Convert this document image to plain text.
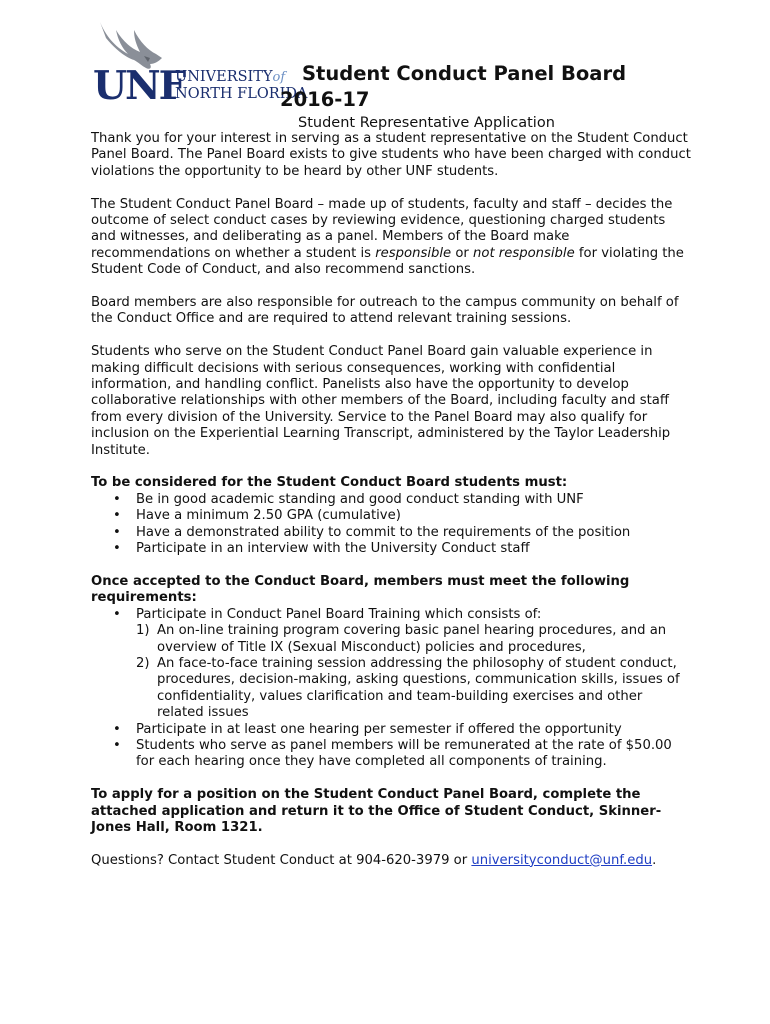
UNF
UNIVERSITYof
NORTH FLORIDA
Student Conduct Panel Board
2016-17
Student Representative Application

Thank you for your interest in serving as a student representative on the Student Conduct Panel Board. The Panel Board exists to give students who have been charged with conduct violations the opportunity to be heard by other UNF students.

The Student Conduct Panel Board – made up of students, faculty and staff – decides the outcome of select conduct cases by reviewing evidence, questioning charged students and witnesses, and deliberating as a panel. Members of the Board make recommendations on whether a student is responsible or not responsible for violating the Student Code of Conduct, and also recommend sanctions.

Board members are also responsible for outreach to the campus community on behalf of the Conduct Office and are required to attend relevant training sessions.

Students who serve on the Student Conduct Panel Board gain valuable experience in making difficult decisions with serious consequences, working with confidential information, and handling conflict. Panelists also have the opportunity to develop collaborative relationships with other members of the Board, including faculty and staff from every division of the University. Service to the Panel Board may also qualify for inclusion on the Experiential Learning Transcript, administered by the Taylor Leadership Institute.

To be considered for the Student Conduct Board students must:
• Be in good academic standing and good conduct standing with UNF
• Have a minimum 2.50 GPA (cumulative)
• Have a demonstrated ability to commit to the requirements of the position
• Participate in an interview with the University Conduct staff
Once accepted to the Conduct Board, members must meet the following requirements:
• Participate in Conduct Panel Board Training which consists of:
1) An on-line training program covering basic panel hearing procedures, and an overview of Title IX (Sexual Misconduct) policies and procedures,
2) An face-to-face training session addressing the philosophy of student conduct, procedures, decision-making, asking questions, communication skills, issues of confidentiality, values clarification and team-building exercises and other related issues
• Participate in at least one hearing per semester if offered the opportunity
• Students who serve as panel members will be remunerated at the rate of $50.00 for each hearing once they have completed all components of training.

To apply for a position on the Student Conduct Panel Board, complete the attached application and return it to the Office of Student Conduct, Skinner-Jones Hall, Room 1321.

Questions? Contact Student Conduct at 904-620-3979 or universityconduct@unf.edu.
